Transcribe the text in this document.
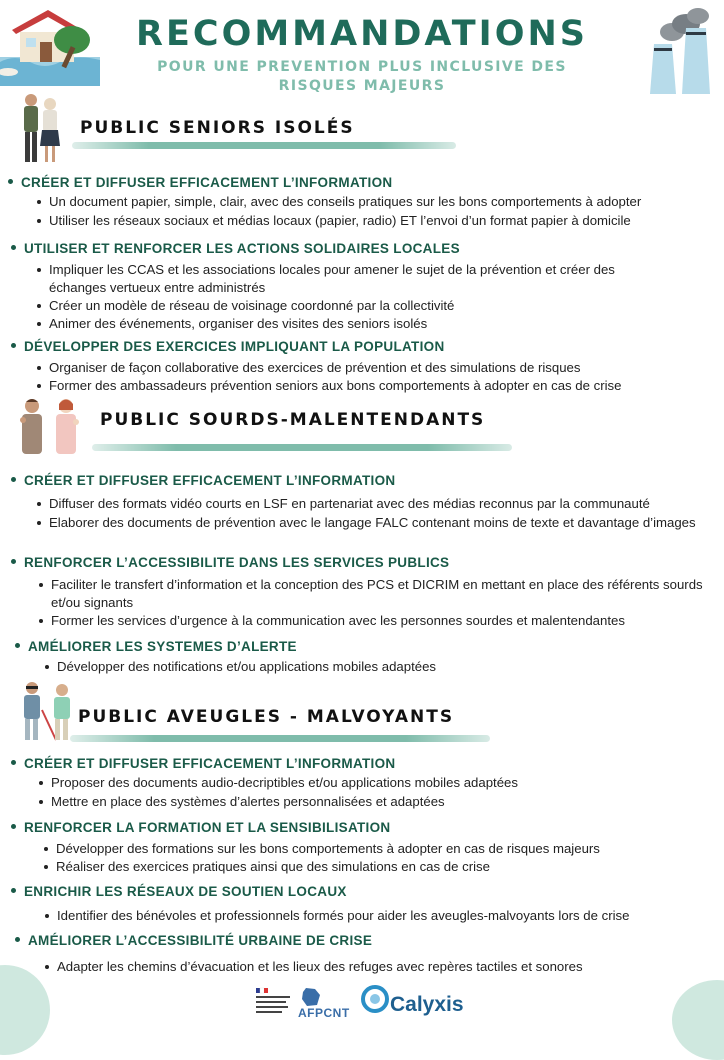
RECOMMANDATIONS
POUR UNE PREVENTION PLUS INCLUSIVE DES
RISQUES MAJEURS
PUBLIC SENIORS ISOLÉS
CRÉER ET DIFFUSER EFFICACEMENT L’INFORMATION
Un document papier, simple, clair, avec des conseils pratiques sur les bons comportements à adopter
Utiliser les réseaux sociaux et médias locaux (papier, radio) ET l’envoi d’un format papier à domicile
UTILISER ET RENFORCER LES ACTIONS SOLIDAIRES LOCALES
Impliquer les CCAS et les associations locales pour amener le sujet de la prévention et créer des échanges vertueux entre administrés
Créer un modèle de réseau de voisinage coordonné par la collectivité
Animer des événements, organiser des visites des seniors isolés
DÉVELOPPER DES EXERCICES IMPLIQUANT LA POPULATION
Organiser de façon collaborative des exercices de prévention et des simulations de risques
Former des ambassadeurs prévention seniors aux bons comportements à adopter en cas de crise
PUBLIC SOURDS-MALENTENDANTS
CRÉER ET DIFFUSER EFFICACEMENT L’INFORMATION
Diffuser des formats vidéo courts en LSF en partenariat avec des médias reconnus par la communauté
Elaborer des documents de prévention avec le langage FALC contenant moins de texte et davantage d’images
RENFORCER L’ACCESSIBILITE DANS LES SERVICES PUBLICS
Faciliter le transfert d’information et la conception des PCS et DICRIM en mettant en place des référents sourds et/ou signants
Former les services d’urgence à la communication avec les personnes sourdes et malentendantes
AMÉLIORER LES SYSTEMES D’ALERTE
Développer des notifications et/ou applications mobiles adaptées
PUBLIC AVEUGLES - MALVOYANTS
CRÉER ET DIFFUSER EFFICACEMENT L’INFORMATION
Proposer des documents audio-decriptibles et/ou applications mobiles adaptées
Mettre en place des systèmes d’alertes personnalisées et adaptées
RENFORCER LA FORMATION ET LA SENSIBILISATION
Développer des formations sur les bons comportements à adopter en cas de risques majeurs
Réaliser des exercices pratiques ainsi que des simulations en cas de crise
ENRICHIR LES RÉSEAUX DE SOUTIEN LOCAUX
Identifier des bénévoles et professionnels formés pour aider les aveugles-malvoyants lors de crise
AMÉLIORER L’ACCESSIBILITÉ URBAINE DE CRISE
Adapter les chemins d’évacuation et les lieux des refuges avec repères tactiles et sonores
AFPCNT Calyxis
